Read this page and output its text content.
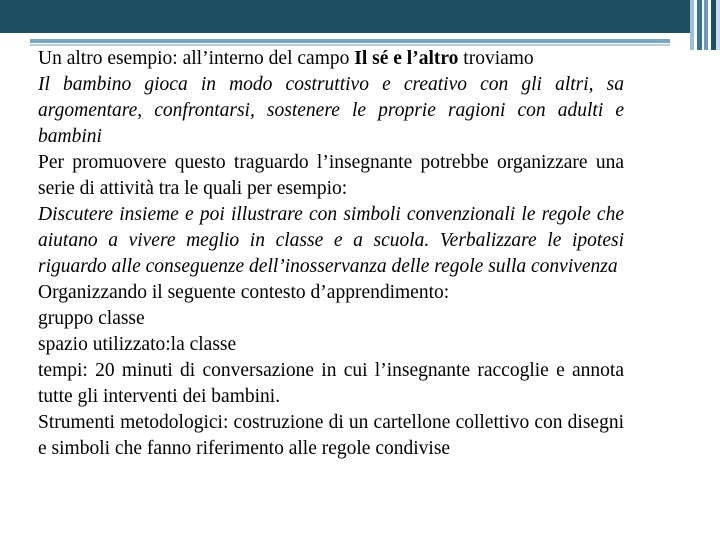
Un altro esempio: all’interno del campo Il sé e l’altro troviamo

Il bambino gioca in modo costruttivo e creativo con gli altri, sa argomentare, confrontarsi, sostenere le proprie ragioni con adulti e bambini

Per promuovere questo traguardo l’insegnante potrebbe organizzare una serie di attività tra le quali per esempio:

Discutere insieme e poi illustrare con simboli convenzionali le regole che aiutano a vivere meglio in classe e a scuola. Verbalizzare le ipotesi riguardo alle conseguenze dell’inosservanza delle regole sulla convivenza

Organizzando il seguente contesto d’apprendimento:

gruppo classe

spazio utilizzato:la classe

tempi: 20 minuti di conversazione in cui l’insegnante raccoglie e annota tutte gli interventi dei bambini.

Strumenti metodologici: costruzione di un cartellone collettivo con disegni e simboli che fanno riferimento alle regole condivise
